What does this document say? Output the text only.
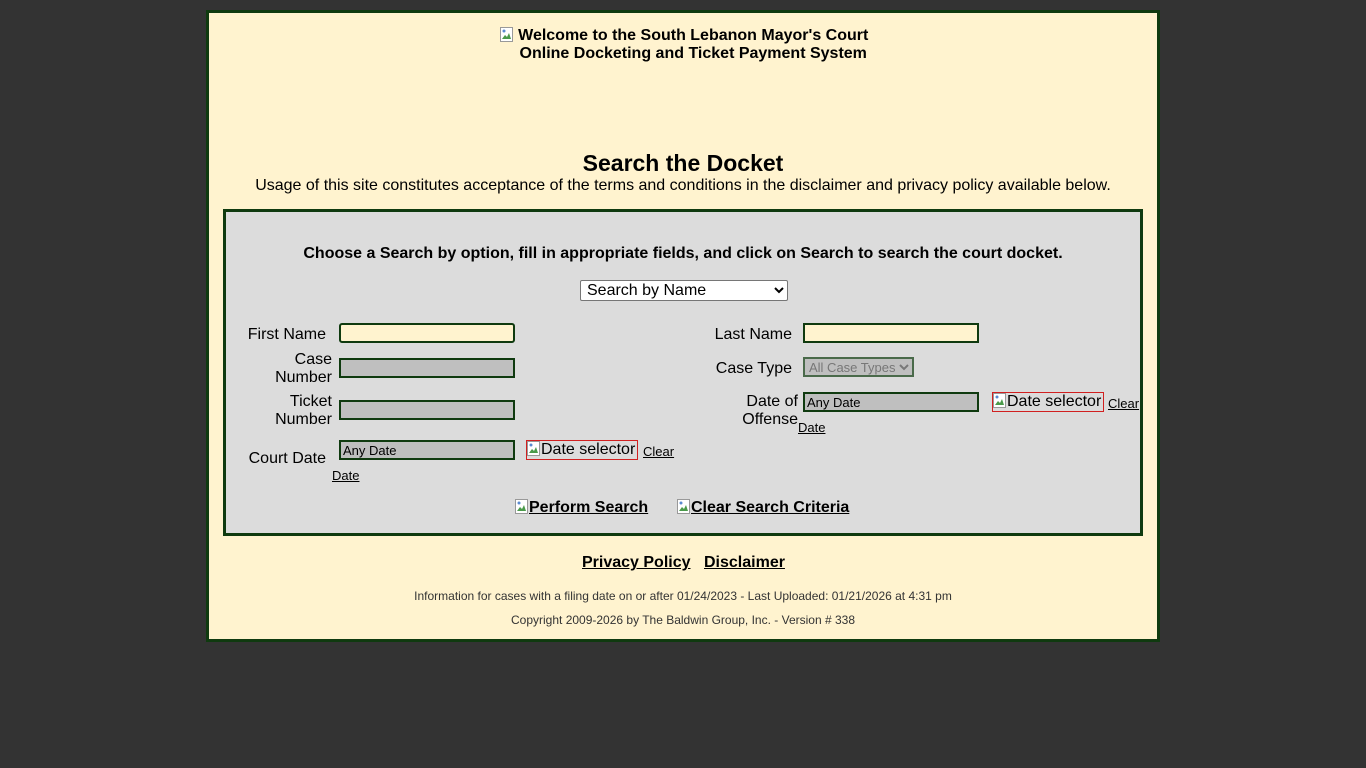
Welcome to the South Lebanon Mayor's Court
Online Docketing and Ticket Payment System
Search the Docket
Usage of this site constitutes acceptance of the terms and conditions in the disclaimer and privacy policy available below.
Choose a Search by option, fill in appropriate fields, and click on Search to search the court docket.
Search by Name
First Name	Last Name
Case
Number
Case Type
All Case Types
Ticket
Number
Date of
Offense
Any Date
Date selector Clear
Date
Court Date
Any Date
Date selector Clear
Date
Perform Search	Clear Search Criteria
Privacy Policy Disclaimer
Information for cases with a filing date on or after 01/24/2023 - Last Uploaded: 01/21/2026 at 4:31 pm
Copyright 2009-2026 by The Baldwin Group, Inc. - Version # 338
